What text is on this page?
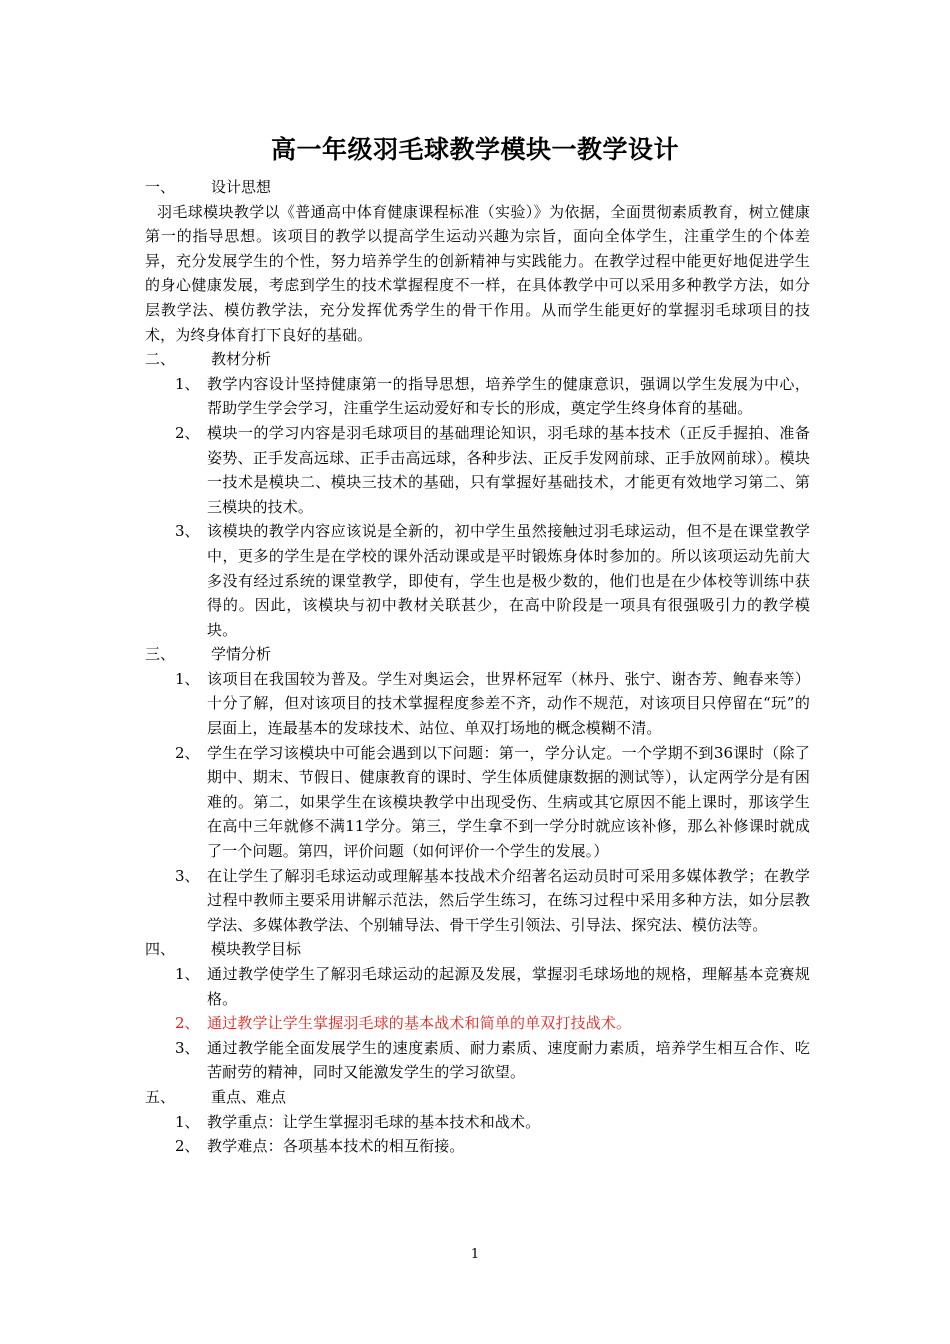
高一年级羽毛球教学模块一教学设计
一、	设计思想
羽毛球模块教学以《普通高中体育健康课程标准（实验）》为依据，全面贯彻素质教育，树立健康第一的指导思想。该项目的教学以提高学生运动兴趣为宗旨，面向全体学生，注重学生的个体差异，充分发展学生的个性，努力培养学生的创新精神与实践能力。在教学过程中能更好地促进学生的身心健康发展，考虑到学生的技术掌握程度不一样，在具体教学中可以采用多种教学方法，如分层教学法、模仿教学法，充分发挥优秀学生的骨干作用。从而学生能更好的掌握羽毛球项目的技术，为终身体育打下良好的基础。
二、	教材分析
1、 教学内容设计坚持健康第一的指导思想，培养学生的健康意识，强调以学生发展为中心，帮助学生学会学习，注重学生运动爱好和专长的形成，奠定学生终身体育的基础。
2、 模块一的学习内容是羽毛球项目的基础理论知识，羽毛球的基本技术（正反手握拍、准备姿势、正手发高远球、正手击高远球，各种步法、正反手发网前球、正手放网前球）。模块一技术是模块二、模块三技术的基础，只有掌握好基础技术，才能更有效地学习第二、第三模块的技术。
3、 该模块的教学内容应该说是全新的，初中学生虽然接触过羽毛球运动，但不是在课堂教学中，更多的学生是在学校的课外活动课或是平时锻炼身体时参加的。所以该项运动先前大多没有经过系统的课堂教学，即使有，学生也是极少数的，他们也是在少体校等训练中获得的。因此，该模块与初中教材关联甚少，在高中阶段是一项具有很强吸引力的教学模块。
三、	学情分析
1、 该项目在我国较为普及。学生对奥运会，世界杯冠军（林丹、张宁、谢杏芳、鲍春来等）十分了解，但对该项目的技术掌握程度参差不齐，动作不规范，对该项目只停留在“玩”的层面上，连最基本的发球技术、站位、单双打场地的概念模糊不清。
2、 学生在学习该模块中可能会遇到以下问题：第一，学分认定。一个学期不到36课时（除了期中、期末、节假日、健康教育的课时、学生体质健康数据的测试等），认定两学分是有困难的。第二，如果学生在该模块教学中出现受伤、生病或其它原因不能上课时，那该学生在高中三年就修不满11学分。第三，学生拿不到一学分时就应该补修，那么补修课时就成了一个问题。第四，评价问题（如何评价一个学生的发展。）
3、 在让学生了解羽毛球运动或理解基本技战术介绍著名运动员时可采用多媒体教学；在教学过程中教师主要采用讲解示范法，然后学生练习，在练习过程中采用多种方法，如分层教学法、多媒体教学法、个别辅导法、骨干学生引领法、引导法、探究法、模仿法等。
四、	模块教学目标
1、 通过教学使学生了解羽毛球运动的起源及发展，掌握羽毛球场地的规格，理解基本竞赛规格。
2、 通过教学让学生掌握羽毛球的基本战术和简单的单双打技战术。
3、 通过教学能全面发展学生的速度素质、耐力素质、速度耐力素质，培养学生相互合作、吃苦耐劳的精神，同时又能激发学生的学习欲望。
五、	重点、难点
1、 教学重点：让学生掌握羽毛球的基本技术和战术。
2、 教学难点：各项基本技术的相互衔接。
1
